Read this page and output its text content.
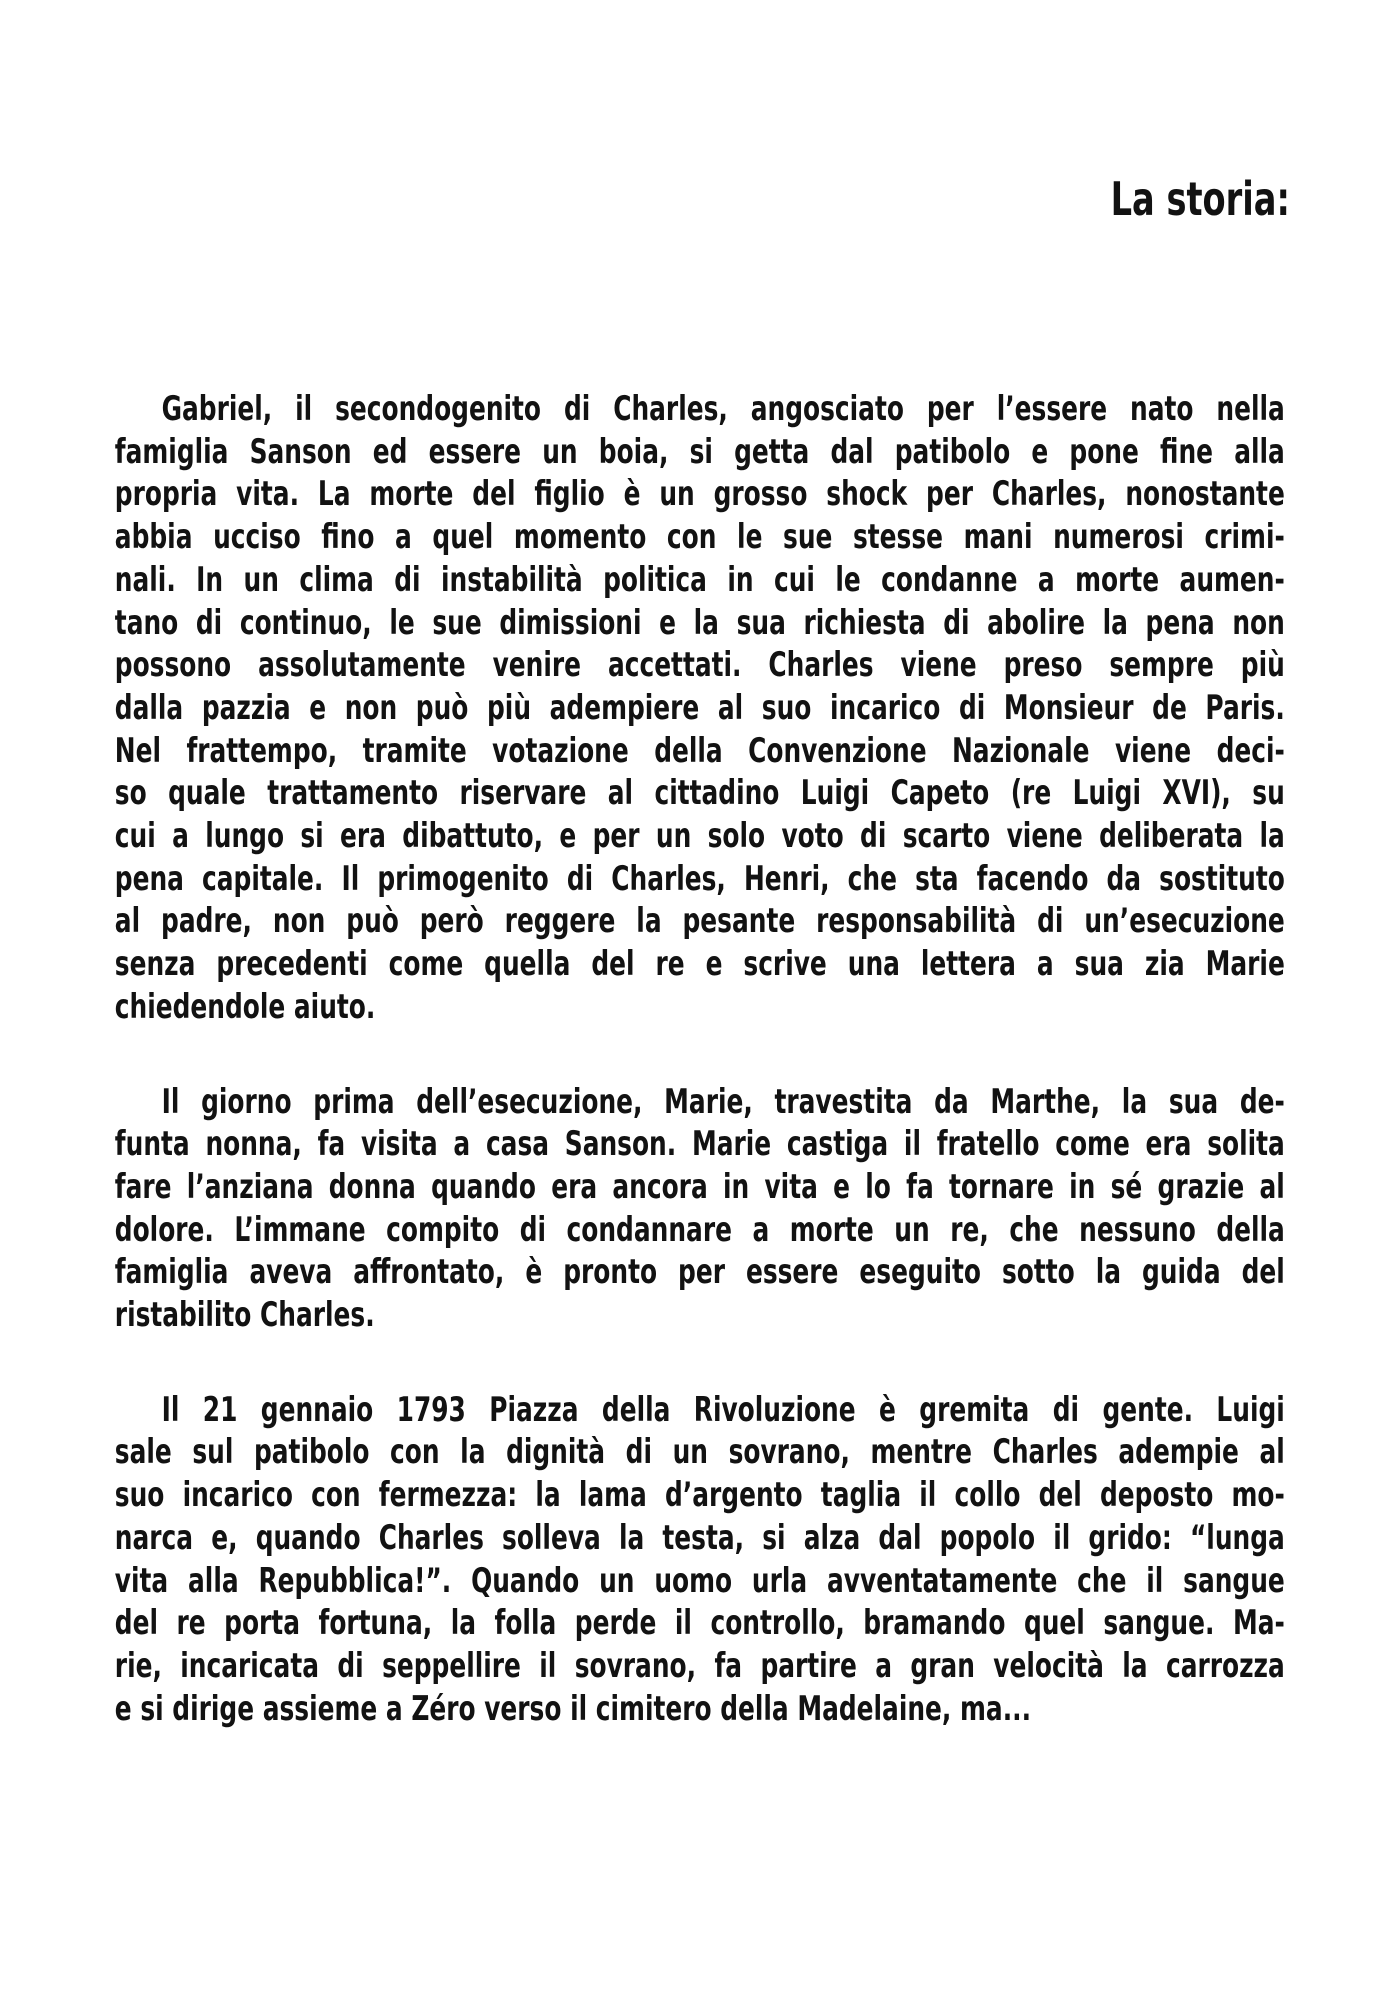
La storia:

Gabriel, il secondogenito di Charles, angosciato per l’essere nato nella
famiglia Sanson ed essere un boia, si getta dal patibolo e pone fine alla
propria vita. La morte del figlio è un grosso shock per Charles, nonostante
abbia ucciso fino a quel momento con le sue stesse mani numerosi crimi-
nali. In un clima di instabilità politica in cui le condanne a morte aumen-
tano di continuo, le sue dimissioni e la sua richiesta di abolire la pena non
possono assolutamente venire accettati. Charles viene preso sempre più
dalla pazzia e non può più adempiere al suo incarico di Monsieur de Paris.
Nel frattempo, tramite votazione della Convenzione Nazionale viene deci-
so quale trattamento riservare al cittadino Luigi Capeto (re Luigi XVI), su
cui a lungo si era dibattuto, e per un solo voto di scarto viene deliberata la
pena capitale. Il primogenito di Charles, Henri, che sta facendo da sostituto
al padre, non può però reggere la pesante responsabilità di un’esecuzione
senza precedenti come quella del re e scrive una lettera a sua zia Marie
chiedendole aiuto.

Il giorno prima dell’esecuzione, Marie, travestita da Marthe, la sua de-
funta nonna, fa visita a casa Sanson. Marie castiga il fratello come era solita
fare l’anziana donna quando era ancora in vita e lo fa tornare in sé grazie al
dolore. L’immane compito di condannare a morte un re, che nessuno della
famiglia aveva affrontato, è pronto per essere eseguito sotto la guida del
ristabilito Charles.

Il 21 gennaio 1793 Piazza della Rivoluzione è gremita di gente. Luigi
sale sul patibolo con la dignità di un sovrano, mentre Charles adempie al
suo incarico con fermezza: la lama d’argento taglia il collo del deposto mo-
narca e, quando Charles solleva la testa, si alza dal popolo il grido: “lunga
vita alla Repubblica!”. Quando un uomo urla avventatamente che il sangue
del re porta fortuna, la folla perde il controllo, bramando quel sangue. Ma-
rie, incaricata di seppellire il sovrano, fa partire a gran velocità la carrozza
e si dirige assieme a Zéro verso il cimitero della Madelaine, ma...
